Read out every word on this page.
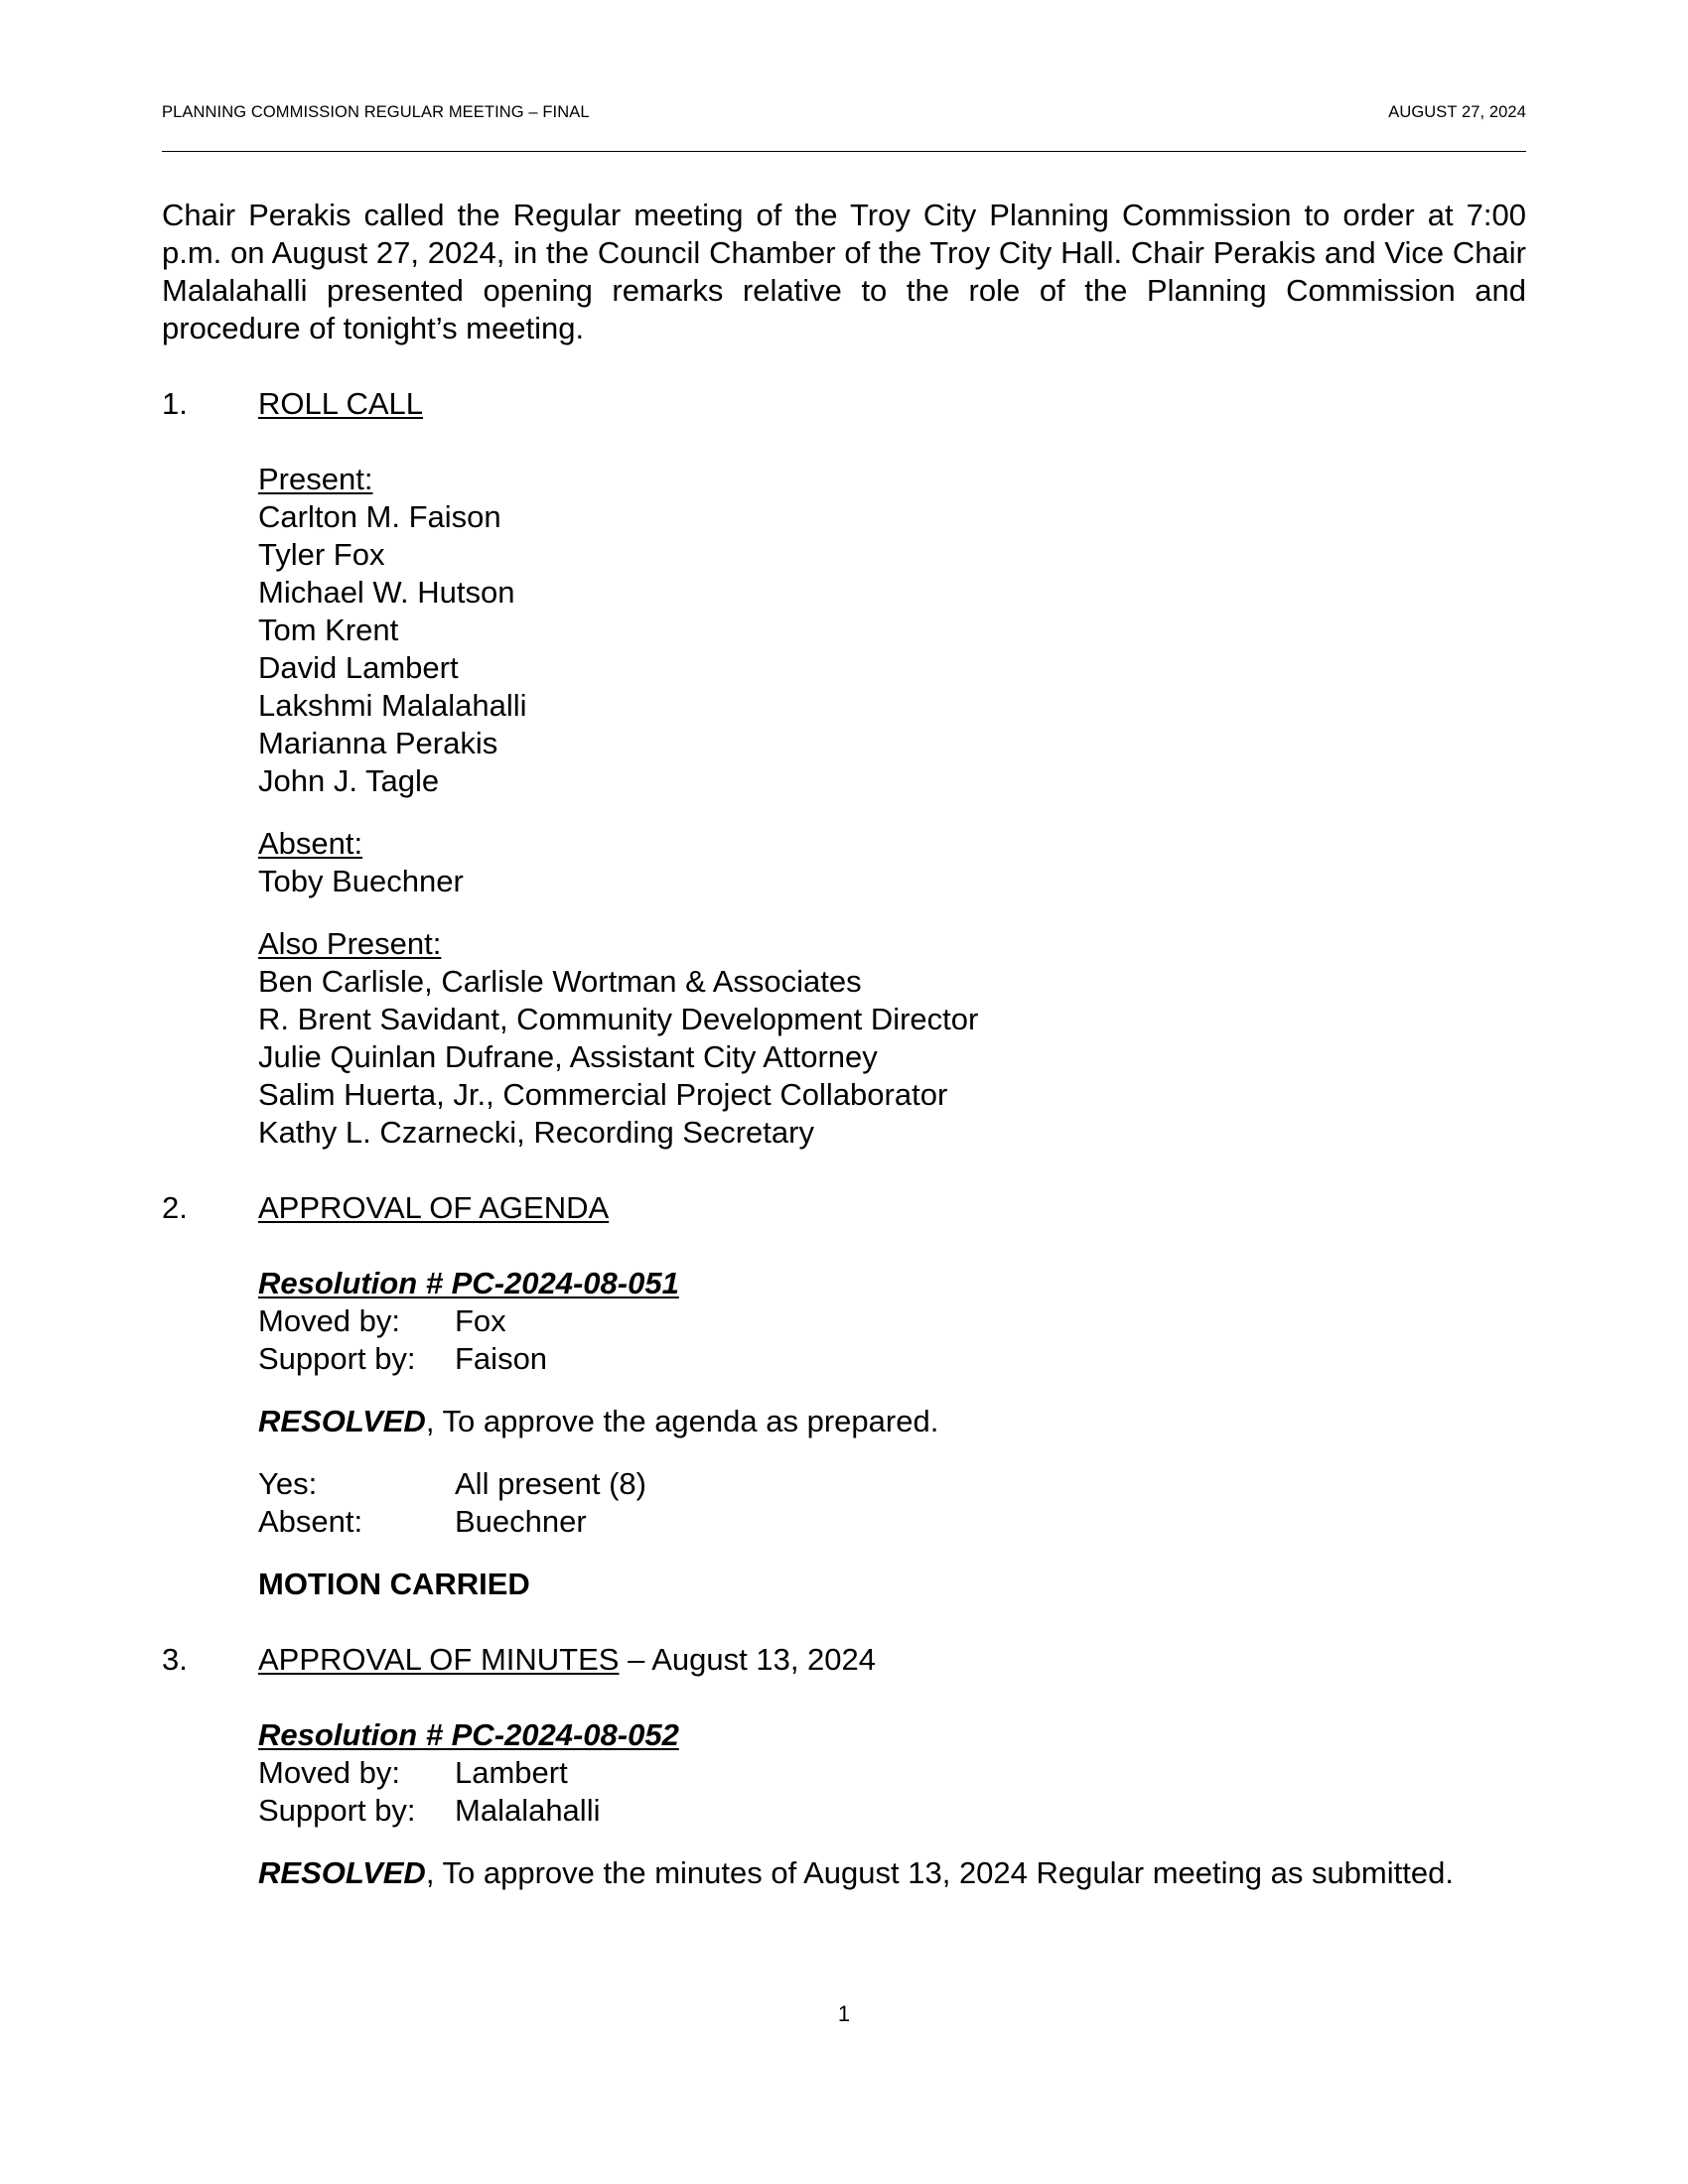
PLANNING COMMISSION REGULAR MEETING – FINAL	AUGUST 27, 2024

Chair Perakis called the Regular meeting of the Troy City Planning Commission to order at 7:00 p.m. on August 27, 2024, in the Council Chamber of the Troy City Hall. Chair Perakis and Vice Chair Malalahalli presented opening remarks relative to the role of the Planning Commission and procedure of tonight’s meeting.

1. ROLL CALL
Present:
Carlton M. Faison
Tyler Fox
Michael W. Hutson
Tom Krent
David Lambert
Lakshmi Malalahalli
Marianna Perakis
John J. Tagle
Absent:
Toby Buechner
Also Present:
Ben Carlisle, Carlisle Wortman & Associates
R. Brent Savidant, Community Development Director
Julie Quinlan Dufrane, Assistant City Attorney
Salim Huerta, Jr., Commercial Project Collaborator
Kathy L. Czarnecki, Recording Secretary
2. APPROVAL OF AGENDA
Resolution # PC-2024-08-051
Moved by: Fox
Support by: Faison
RESOLVED, To approve the agenda as prepared.
Yes:	All present (8)
Absent:	Buechner
MOTION CARRIED
3. APPROVAL OF MINUTES – August 13, 2024
Resolution # PC-2024-08-052
Moved by: Lambert
Support by: Malalahalli
RESOLVED, To approve the minutes of August 13, 2024 Regular meeting as submitted.
1
